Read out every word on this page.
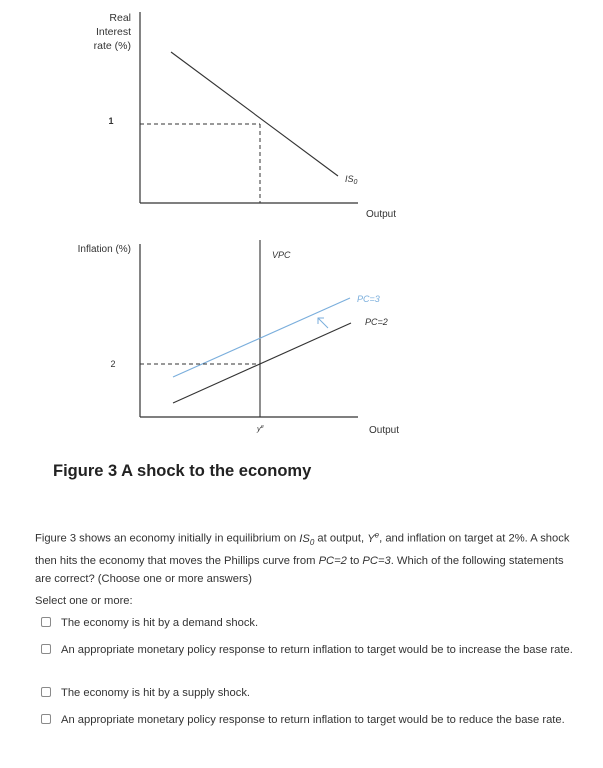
Real
Interest
rate (%)
1
$IS_0$
Output
Inflation (%)	VPC
2
PC=3
PC=2
$y^e$	Output
Figure 3 A shock to the economy
Figure 3 shows an economy initially in equilibrium on $IS_0$ at output, $Y^e$, and inflation on target at 2%. A shock then hits the economy that moves the Phillips curve from PC=2 to PC=3. Which of the following statements are correct? (Choose one or more answers)
Select one or more:
The economy is hit by a demand shock.
An appropriate monetary policy response to return inflation to target would be to increase the base rate.
The economy is hit by a supply shock.
An appropriate monetary policy response to return inflation to target would be to reduce the base rate.
